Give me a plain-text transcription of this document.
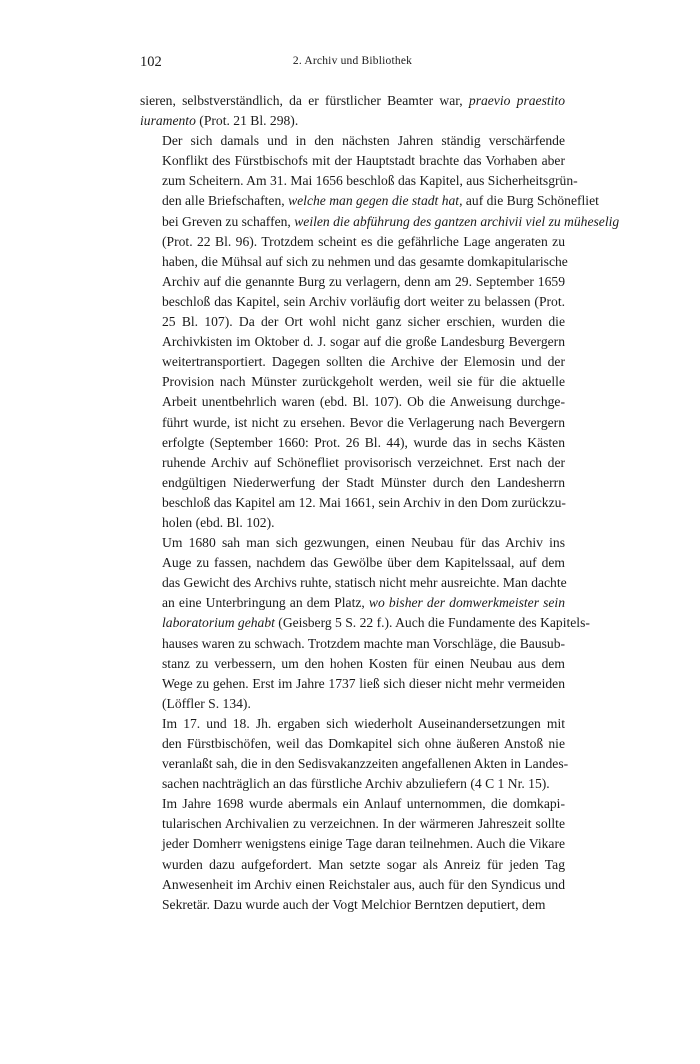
102	2. Archiv und Bibliothek

sieren, selbstverständlich, da er fürstlicher Beamter war, praevio praestito
iuramento (Prot. 21 Bl. 298).

Der sich damals und in den nächsten Jahren ständig verschärfende
Konflikt des Fürstbischofs mit der Hauptstadt brachte das Vorhaben aber
zum Scheitern. Am 31. Mai 1656 beschloß das Kapitel, aus Sicherheitsgrün-
den alle Briefschaften, welche man gegen die stadt hat, auf die Burg Schönefliet
bei Greven zu schaffen, weilen die abführung des gantzen archivii viel zu müheselig
(Prot. 22 Bl. 96). Trotzdem scheint es die gefährliche Lage angeraten zu
haben, die Mühsal auf sich zu nehmen und das gesamte domkapitularische
Archiv auf die genannte Burg zu verlagern, denn am 29. September 1659
beschloß das Kapitel, sein Archiv vorläufig dort weiter zu belassen (Prot.
25 Bl. 107). Da der Ort wohl nicht ganz sicher erschien, wurden die
Archivkisten im Oktober d. J. sogar auf die große Landesburg Bevergern
weitertransportiert. Dagegen sollten die Archive der Elemosin und der
Provision nach Münster zurückgeholt werden, weil sie für die aktuelle
Arbeit unentbehrlich waren (ebd. Bl. 107). Ob die Anweisung durchge-
führt wurde, ist nicht zu ersehen. Bevor die Verlagerung nach Bevergern
erfolgte (September 1660: Prot. 26 Bl. 44), wurde das in sechs Kästen
ruhende Archiv auf Schönefliet provisorisch verzeichnet. Erst nach der
endgültigen Niederwerfung der Stadt Münster durch den Landesherrn
beschloß das Kapitel am 12. Mai 1661, sein Archiv in den Dom zurückzu-
holen (ebd. Bl. 102).

Um 1680 sah man sich gezwungen, einen Neubau für das Archiv ins
Auge zu fassen, nachdem das Gewölbe über dem Kapitelssaal, auf dem
das Gewicht des Archivs ruhte, statisch nicht mehr ausreichte. Man dachte
an eine Unterbringung an dem Platz, wo bisher der domwerkmeister sein
laboratorium gehabt (Geisberg 5 S. 22 f.). Auch die Fundamente des Kapitels-
hauses waren zu schwach. Trotzdem machte man Vorschläge, die Bausub-
stanz zu verbessern, um den hohen Kosten für einen Neubau aus dem
Wege zu gehen. Erst im Jahre 1737 ließ sich dieser nicht mehr vermeiden
(Löffler S. 134).

Im 17. und 18. Jh. ergaben sich wiederholt Auseinandersetzungen mit
den Fürstbischöfen, weil das Domkapitel sich ohne äußeren Anstoß nie
veranlaßt sah, die in den Sedisvakanzzeiten angefallenen Akten in Landes-
sachen nachträglich an das fürstliche Archiv abzuliefern (4 C 1 Nr. 15).

Im Jahre 1698 wurde abermals ein Anlauf unternommen, die domkapi-
tularischen Archivalien zu verzeichnen. In der wärmeren Jahreszeit sollte
jeder Domherr wenigstens einige Tage daran teilnehmen. Auch die Vikare
wurden dazu aufgefordert. Man setzte sogar als Anreiz für jeden Tag
Anwesenheit im Archiv einen Reichstaler aus, auch für den Syndicus und
Sekretär. Dazu wurde auch der Vogt Melchior Berntzen deputiert, dem
